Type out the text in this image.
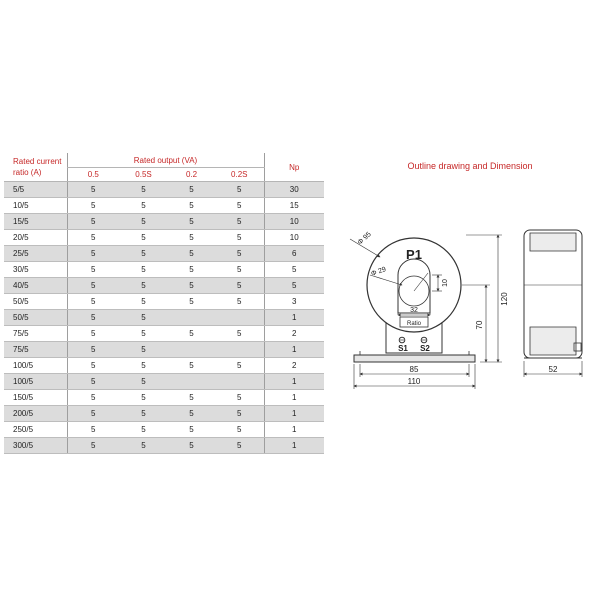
Rated current ratio (A)	Rated output (VA)				Np
	0.5	0.5S	0.2	0.2S	
5/5	5	5	5	5	30
10/5	5	5	5	5	15
15/5	5	5	5	5	10
20/5	5	5	5	5	10
25/5	5	5	5	5	6
30/5	5	5	5	5	5
40/5	5	5	5	5	5
50/5	5	5	5	5	3
50/5	5	5			1
75/5	5	5	5	5	2
75/5	5	5			1
100/5	5	5	5	5	2
100/5	5	5			1
150/5	5	5	5	5	1
200/5	5	5	5	5	1
250/5	5	5	5	5	1
300/5	5	5	5	5	1
Outline drawing and Dimension
P1
Ratio
S1 S2
Φ 95
Φ 29
32
10
85
110
120
70
52
